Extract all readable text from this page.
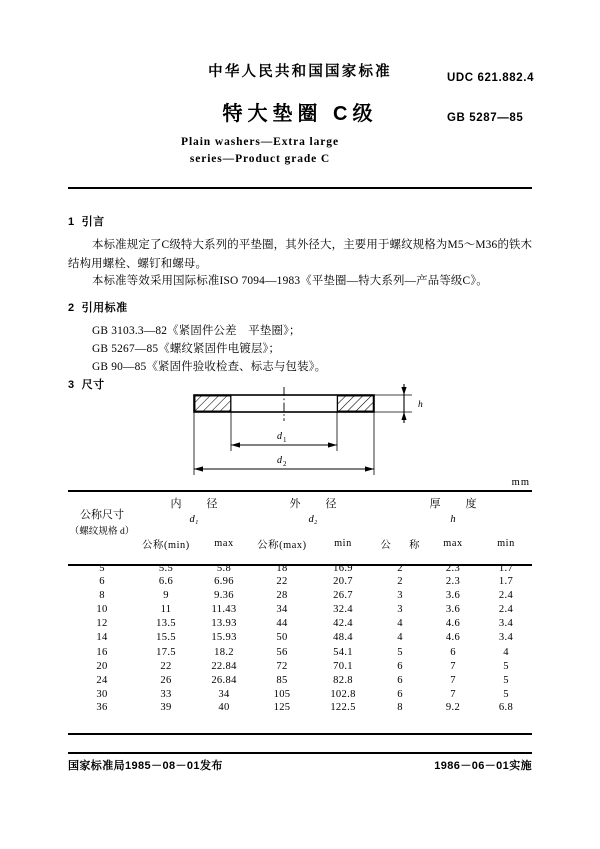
中华人民共和国国家标准	UDC 621.882.4
特大垫圈 C级	GB 5287—85
Plain washers—Extra large
series—Product grade C
1 引言
本标准规定了C级特大系列的平垫圈，其外径大，主要用于螺纹规格为M5～M36的铁木结构用螺栓、螺钉和螺母。
本标准等效采用国际标准ISO 7094—1983《平垫圈—特大系列—产品等级C》。
2 引用标准
GB 3103.3—82《紧固件公差　平垫圈》；
GB 5267—85《螺纹紧固件电镀层》；
GB 90—85《紧固件验收检查、标志与包装》。
3 尺寸
h
d 1
d 2
mm
公称尺寸
（螺纹规格 d）	内　径
d₁		外　径
d₂		厚　度
h		

	公称(min)	max	公称(max)	min	公　称	max	min
5	5.5	5.8	18	16.9	2	2.3	1.7
6	6.6	6.96	22	20.7	2	2.3	1.7
8	9	9.36	28	26.7	3	3.6	2.4
10	11	11.43	34	32.4	3	3.6	2.4
12	13.5	13.93	44	42.4	4	4.6	3.4
14	15.5	15.93	50	48.4	4	4.6	3.4
16	17.5	18.2	56	54.1	5	6	4
20	22	22.84	72	70.1	6	7	5
24	26	26.84	85	82.8	6	7	5
30	33	34	105	102.8	6	7	5
36	39	40	125	122.5	8	9.2	6.8
国家标准局1985－08－01发布	1986－06－01实施
